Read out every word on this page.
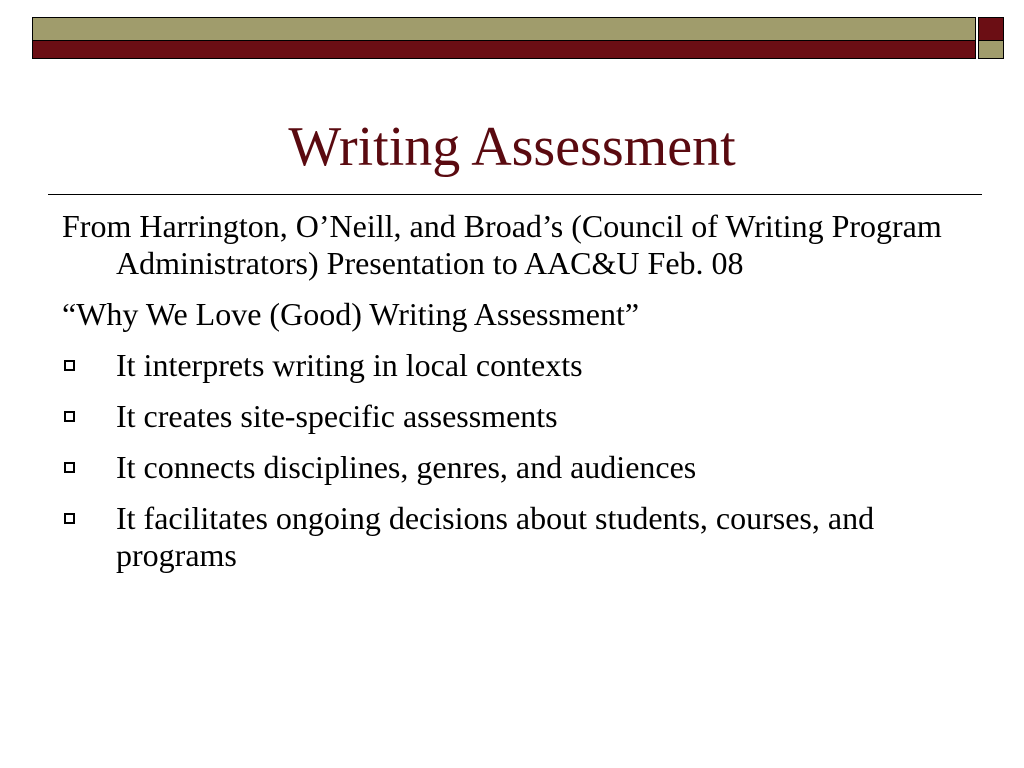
Writing Assessment

From Harrington, O’Neill, and Broad’s (Council of Writing Program Administrators) Presentation to AAC&U Feb. 08

“Why We Love (Good) Writing Assessment”

It interprets writing in local contexts
It creates site-specific assessments
It connects disciplines, genres, and audiences
It facilitates ongoing decisions about students, courses, and programs
